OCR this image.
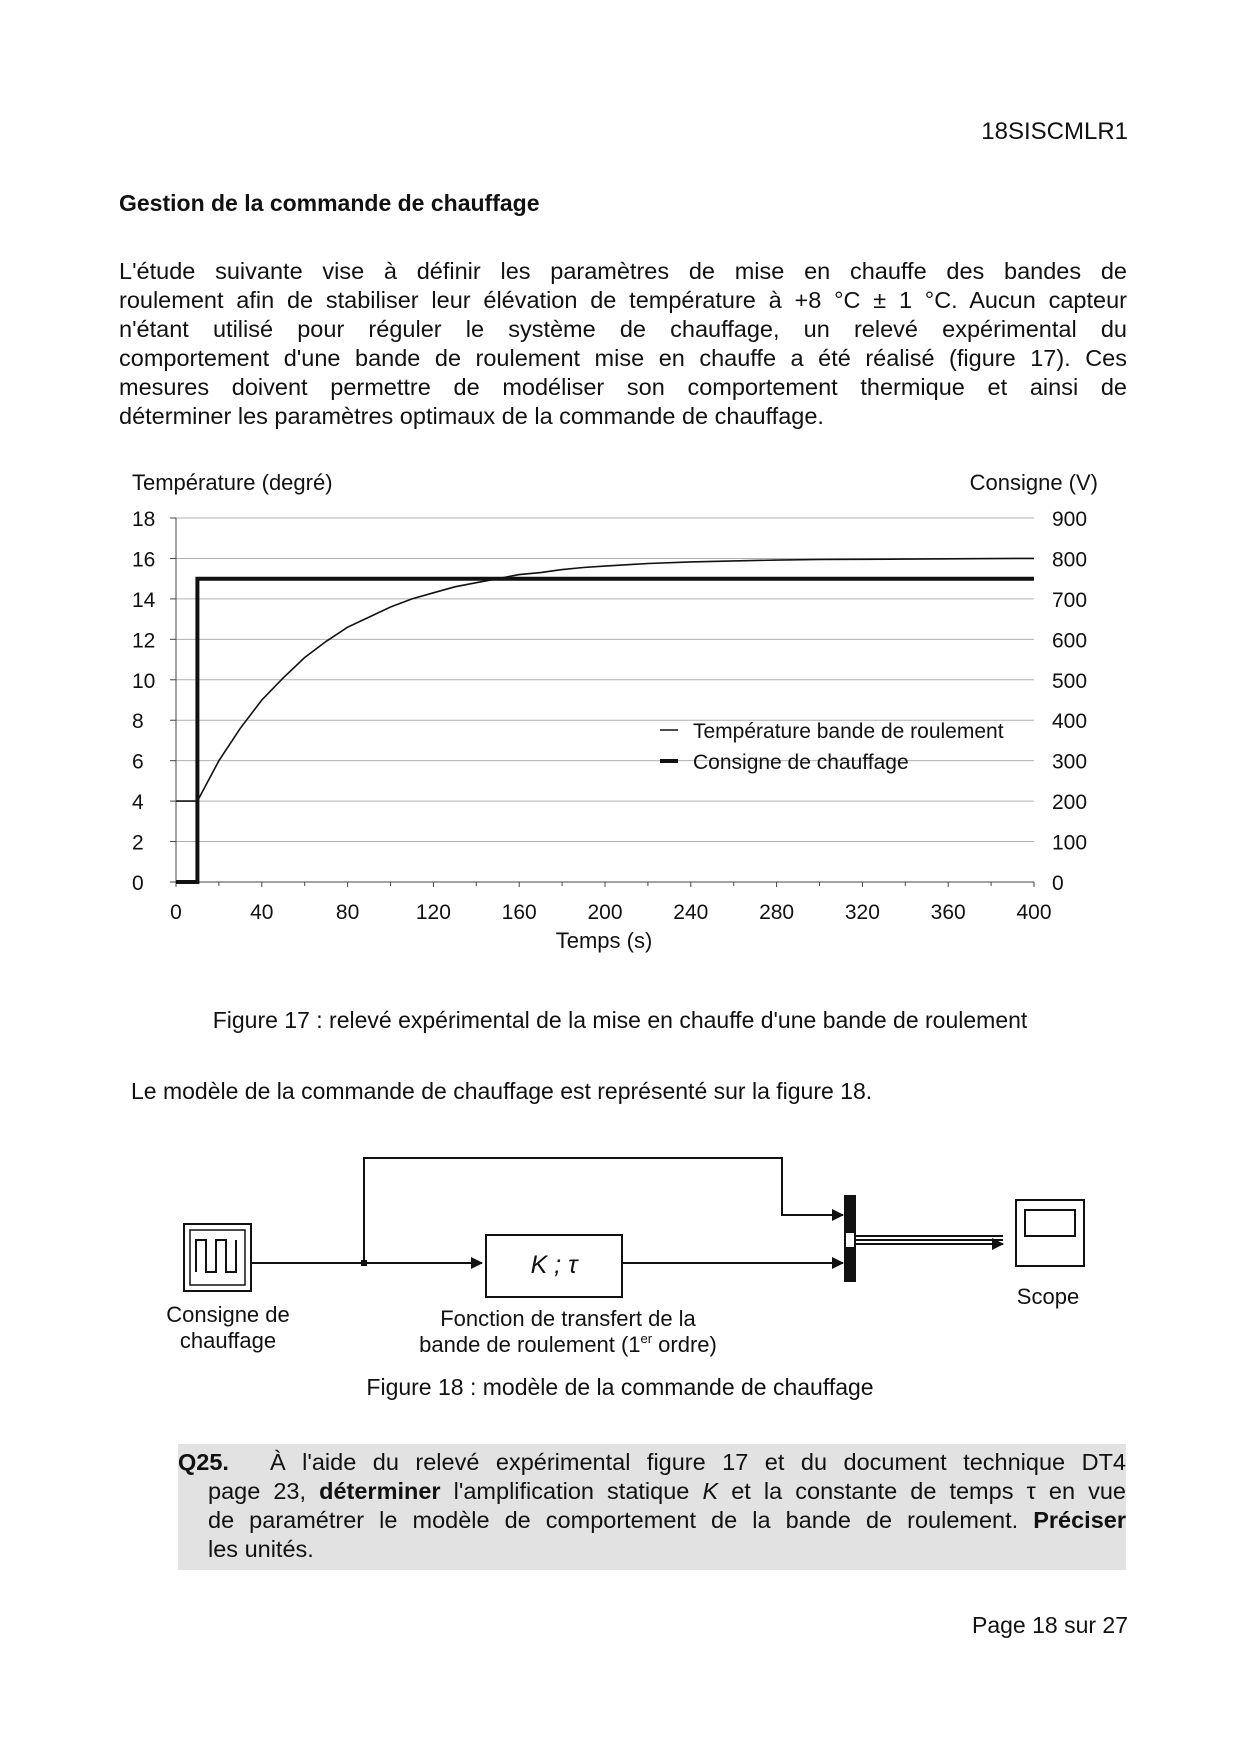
18SISCMLR1
Gestion de la commande de chauffage
L'étude suivante vise à définir les paramètres de mise en chauffe des bandes de
roulement afin de stabiliser leur élévation de température à +8 °C ± 1 °C. Aucun capteur
n'étant utilisé pour réguler le système de chauffage, un relevé expérimental du
comportement d'une bande de roulement mise en chauffe a été réalisé (figure 17). Ces
mesures doivent permettre de modéliser son comportement thermique et ainsi de
déterminer les paramètres optimaux de la commande de chauffage.
Température (degré)	Consigne (V)
0
2
4
6
8
10
12
14
16
18
0
100
200
300
400
500
600
700
800
900
0	40	80	120 160 200 240 280 320 360 400
Température bande de roulement
Consigne de chauffage
Temps (s)
Figure 17 : relevé expérimental de la mise en chauffe d'une bande de roulement
Le modèle de la commande de chauffage est représenté sur la figure 18.
K ; τ
Consigne de
chauffage
Fonction de transfert de la
bande de roulement (1er ordre)
Scope
Figure 18 : modèle de la commande de chauffage
Q25. À l'aide du relevé expérimental figure 17 et du document technique DT4
page 23, déterminer l'amplification statique K et la constante de temps τ en vue
de paramétrer le modèle de comportement de la bande de roulement. Préciser
les unités.
Page 18 sur 27
